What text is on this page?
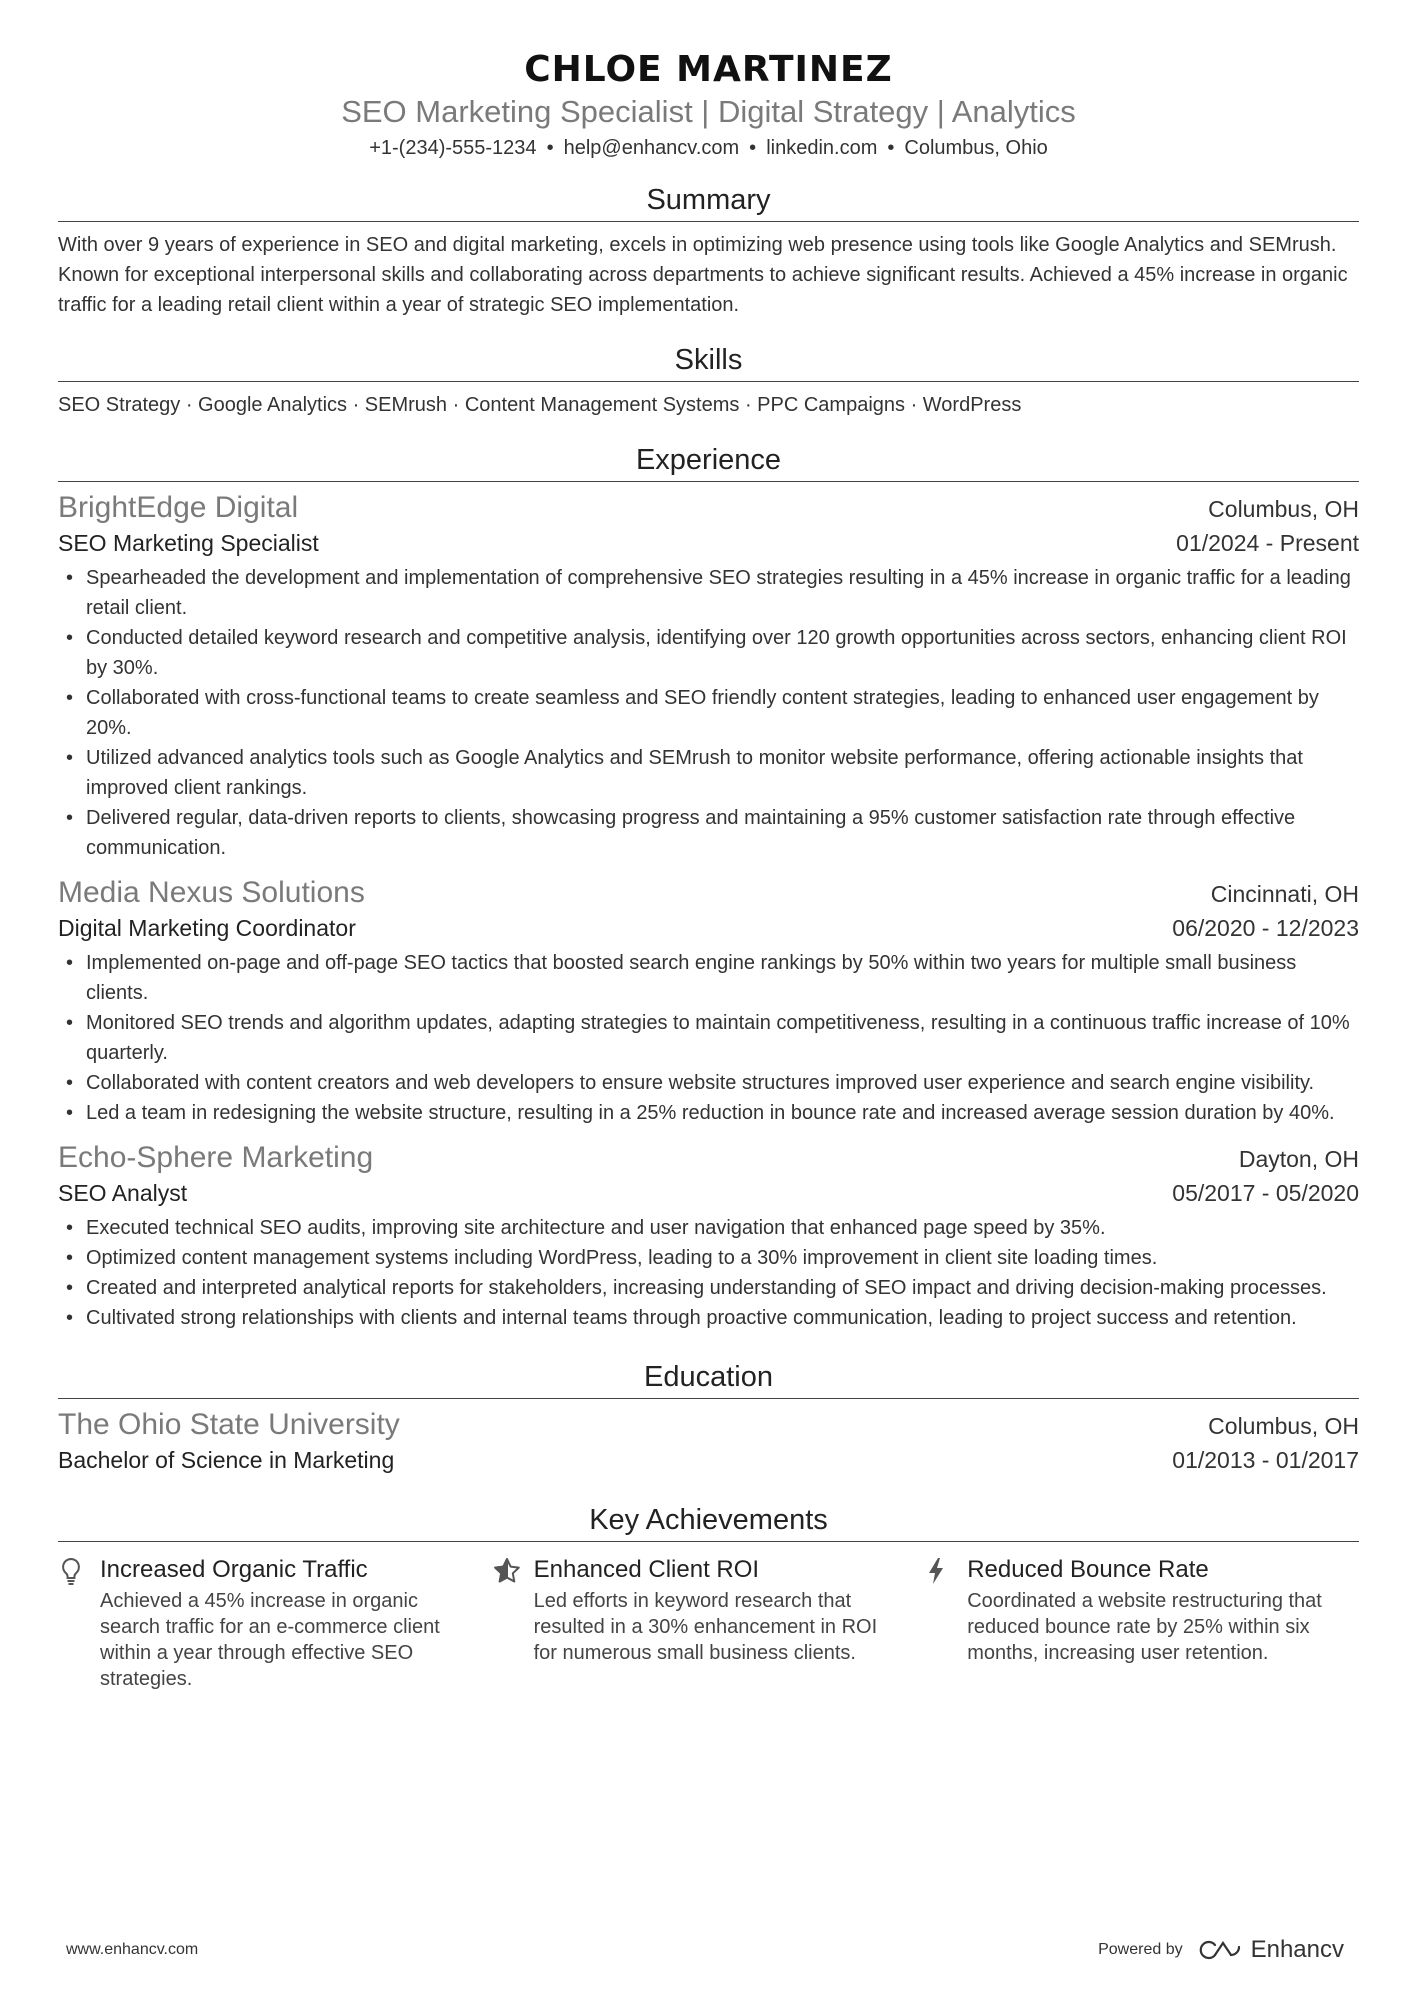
CHLOE MARTINEZ
SEO Marketing Specialist | Digital Strategy | Analytics
+1-(234)-555-1234 • help@enhancv.com • linkedin.com • Columbus, Ohio
Summary
With over 9 years of experience in SEO and digital marketing, excels in optimizing web presence using tools like Google Analytics and SEMrush. Known for exceptional interpersonal skills and collaborating across departments to achieve significant results. Achieved a 45% increase in organic traffic for a leading retail client within a year of strategic SEO implementation.
Skills
SEO Strategy · Google Analytics · SEMrush · Content Management Systems · PPC Campaigns · WordPress
Experience
BrightEdge Digital	Columbus, OH
SEO Marketing Specialist	01/2024 - Present
• Spearheaded the development and implementation of comprehensive SEO strategies resulting in a 45% increase in organic traffic for a leading retail client.
• Conducted detailed keyword research and competitive analysis, identifying over 120 growth opportunities across sectors, enhancing client ROI by 30%.
• Collaborated with cross-functional teams to create seamless and SEO friendly content strategies, leading to enhanced user engagement by 20%.
• Utilized advanced analytics tools such as Google Analytics and SEMrush to monitor website performance, offering actionable insights that improved client rankings.
• Delivered regular, data-driven reports to clients, showcasing progress and maintaining a 95% customer satisfaction rate through effective communication.
Media Nexus Solutions	Cincinnati, OH
Digital Marketing Coordinator	06/2020 - 12/2023
• Implemented on-page and off-page SEO tactics that boosted search engine rankings by 50% within two years for multiple small business clients.
• Monitored SEO trends and algorithm updates, adapting strategies to maintain competitiveness, resulting in a continuous traffic increase of 10% quarterly.
• Collaborated with content creators and web developers to ensure website structures improved user experience and search engine visibility.
• Led a team in redesigning the website structure, resulting in a 25% reduction in bounce rate and increased average session duration by 40%.
Echo-Sphere Marketing	Dayton, OH
SEO Analyst	05/2017 - 05/2020
• Executed technical SEO audits, improving site architecture and user navigation that enhanced page speed by 35%.
• Optimized content management systems including WordPress, leading to a 30% improvement in client site loading times.
• Created and interpreted analytical reports for stakeholders, increasing understanding of SEO impact and driving decision-making processes.
• Cultivated strong relationships with clients and internal teams through proactive communication, leading to project success and retention.
Education
The Ohio State University	Columbus, OH
Bachelor of Science in Marketing	01/2013 - 01/2017
Key Achievements
Increased Organic Traffic
Achieved a 45% increase in organic search traffic for an e-commerce client within a year through effective SEO strategies.
Enhanced Client ROI
Led efforts in keyword research that resulted in a 30% enhancement in ROI for numerous small business clients.
Reduced Bounce Rate
Coordinated a website restructuring that reduced bounce rate by 25% within six months, increasing user retention.
www.enhancv.com	Powered by	Enhancv
